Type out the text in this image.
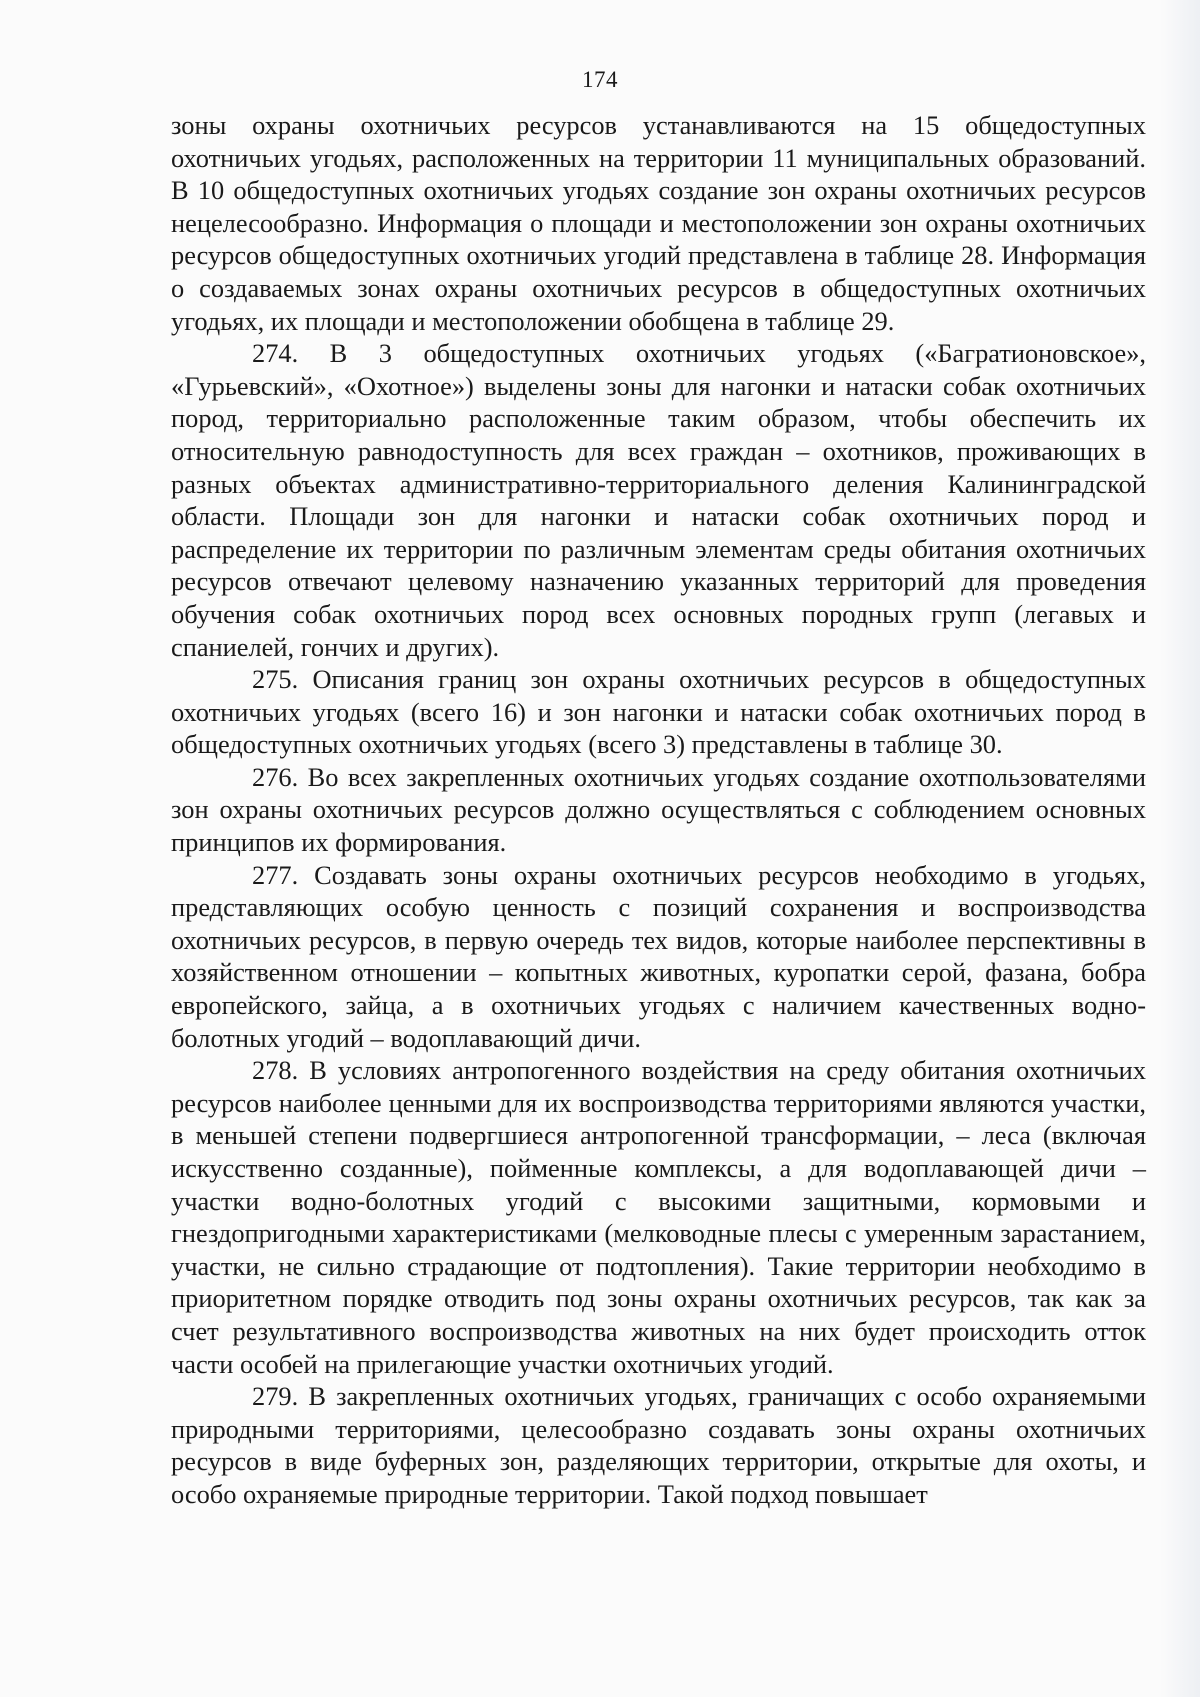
174

зоны охраны охотничьих ресурсов устанавливаются на 15 общедоступных охотничьих угодьях, расположенных на территории 11 муниципальных образований. В 10 общедоступных охотничьих угодьях создание зон охраны охотничьих ресурсов нецелесообразно. Информация о площади и местоположении зон охраны охотничьих ресурсов общедоступных охотничьих угодий представлена в таблице 28. Информация о создаваемых зонах охраны охотничьих ресурсов в общедоступных охотничьих угодьях, их площади и местоположении обобщена в таблице 29.

274. В 3 общедоступных охотничьих угодьях («Багратионовское», «Гурьевский», «Охотное») выделены зоны для нагонки и натаски собак охотничьих пород, территориально расположенные таким образом, чтобы обеспечить их относительную равнодоступность для всех граждан – охотников, проживающих в разных объектах административно-территориального деления Калининградской области. Площади зон для нагонки и натаски собак охотничьих пород и распределение их территории по различным элементам среды обитания охотничьих ресурсов отвечают целевому назначению указанных территорий для проведения обучения собак охотничьих пород всех основных породных групп (легавых и спаниелей, гончих и других).

275. Описания границ зон охраны охотничьих ресурсов в общедоступных охотничьих угодьях (всего 16) и зон нагонки и натаски собак охотничьих пород в общедоступных охотничьих угодьях (всего 3) представлены в таблице 30.

276. Во всех закрепленных охотничьих угодьях создание охотпользователями зон охраны охотничьих ресурсов должно осуществляться с соблюдением основных принципов их формирования.

277. Создавать зоны охраны охотничьих ресурсов необходимо в угодьях, представляющих особую ценность с позиций сохранения и воспроизводства охотничьих ресурсов, в первую очередь тех видов, которые наиболее перспективны в хозяйственном отношении – копытных животных, куропатки серой, фазана, бобра европейского, зайца, а в охотничьих угодьях с наличием качественных водно-болотных угодий – водоплавающий дичи.

278. В условиях антропогенного воздействия на среду обитания охотничьих ресурсов наиболее ценными для их воспроизводства территориями являются участки, в меньшей степени подвергшиеся антропогенной трансформации, – леса (включая искусственно созданные), пойменные комплексы, а для водоплавающей дичи – участки водно-болотных угодий с высокими защитными, кормовыми и гнездопригодными характеристиками (мелководные плесы с умеренным зарастанием, участки, не сильно страдающие от подтопления). Такие территории необходимо в приоритетном порядке отводить под зоны охраны охотничьих ресурсов, так как за счет результативного воспроизводства животных на них будет происходить отток части особей на прилегающие участки охотничьих угодий.

279. В закрепленных охотничьих угодьях, граничащих с особо охраняемыми природными территориями, целесообразно создавать зоны охраны охотничьих ресурсов в виде буферных зон, разделяющих территории, открытые для охоты, и особо охраняемые природные территории. Такой подход повышает
